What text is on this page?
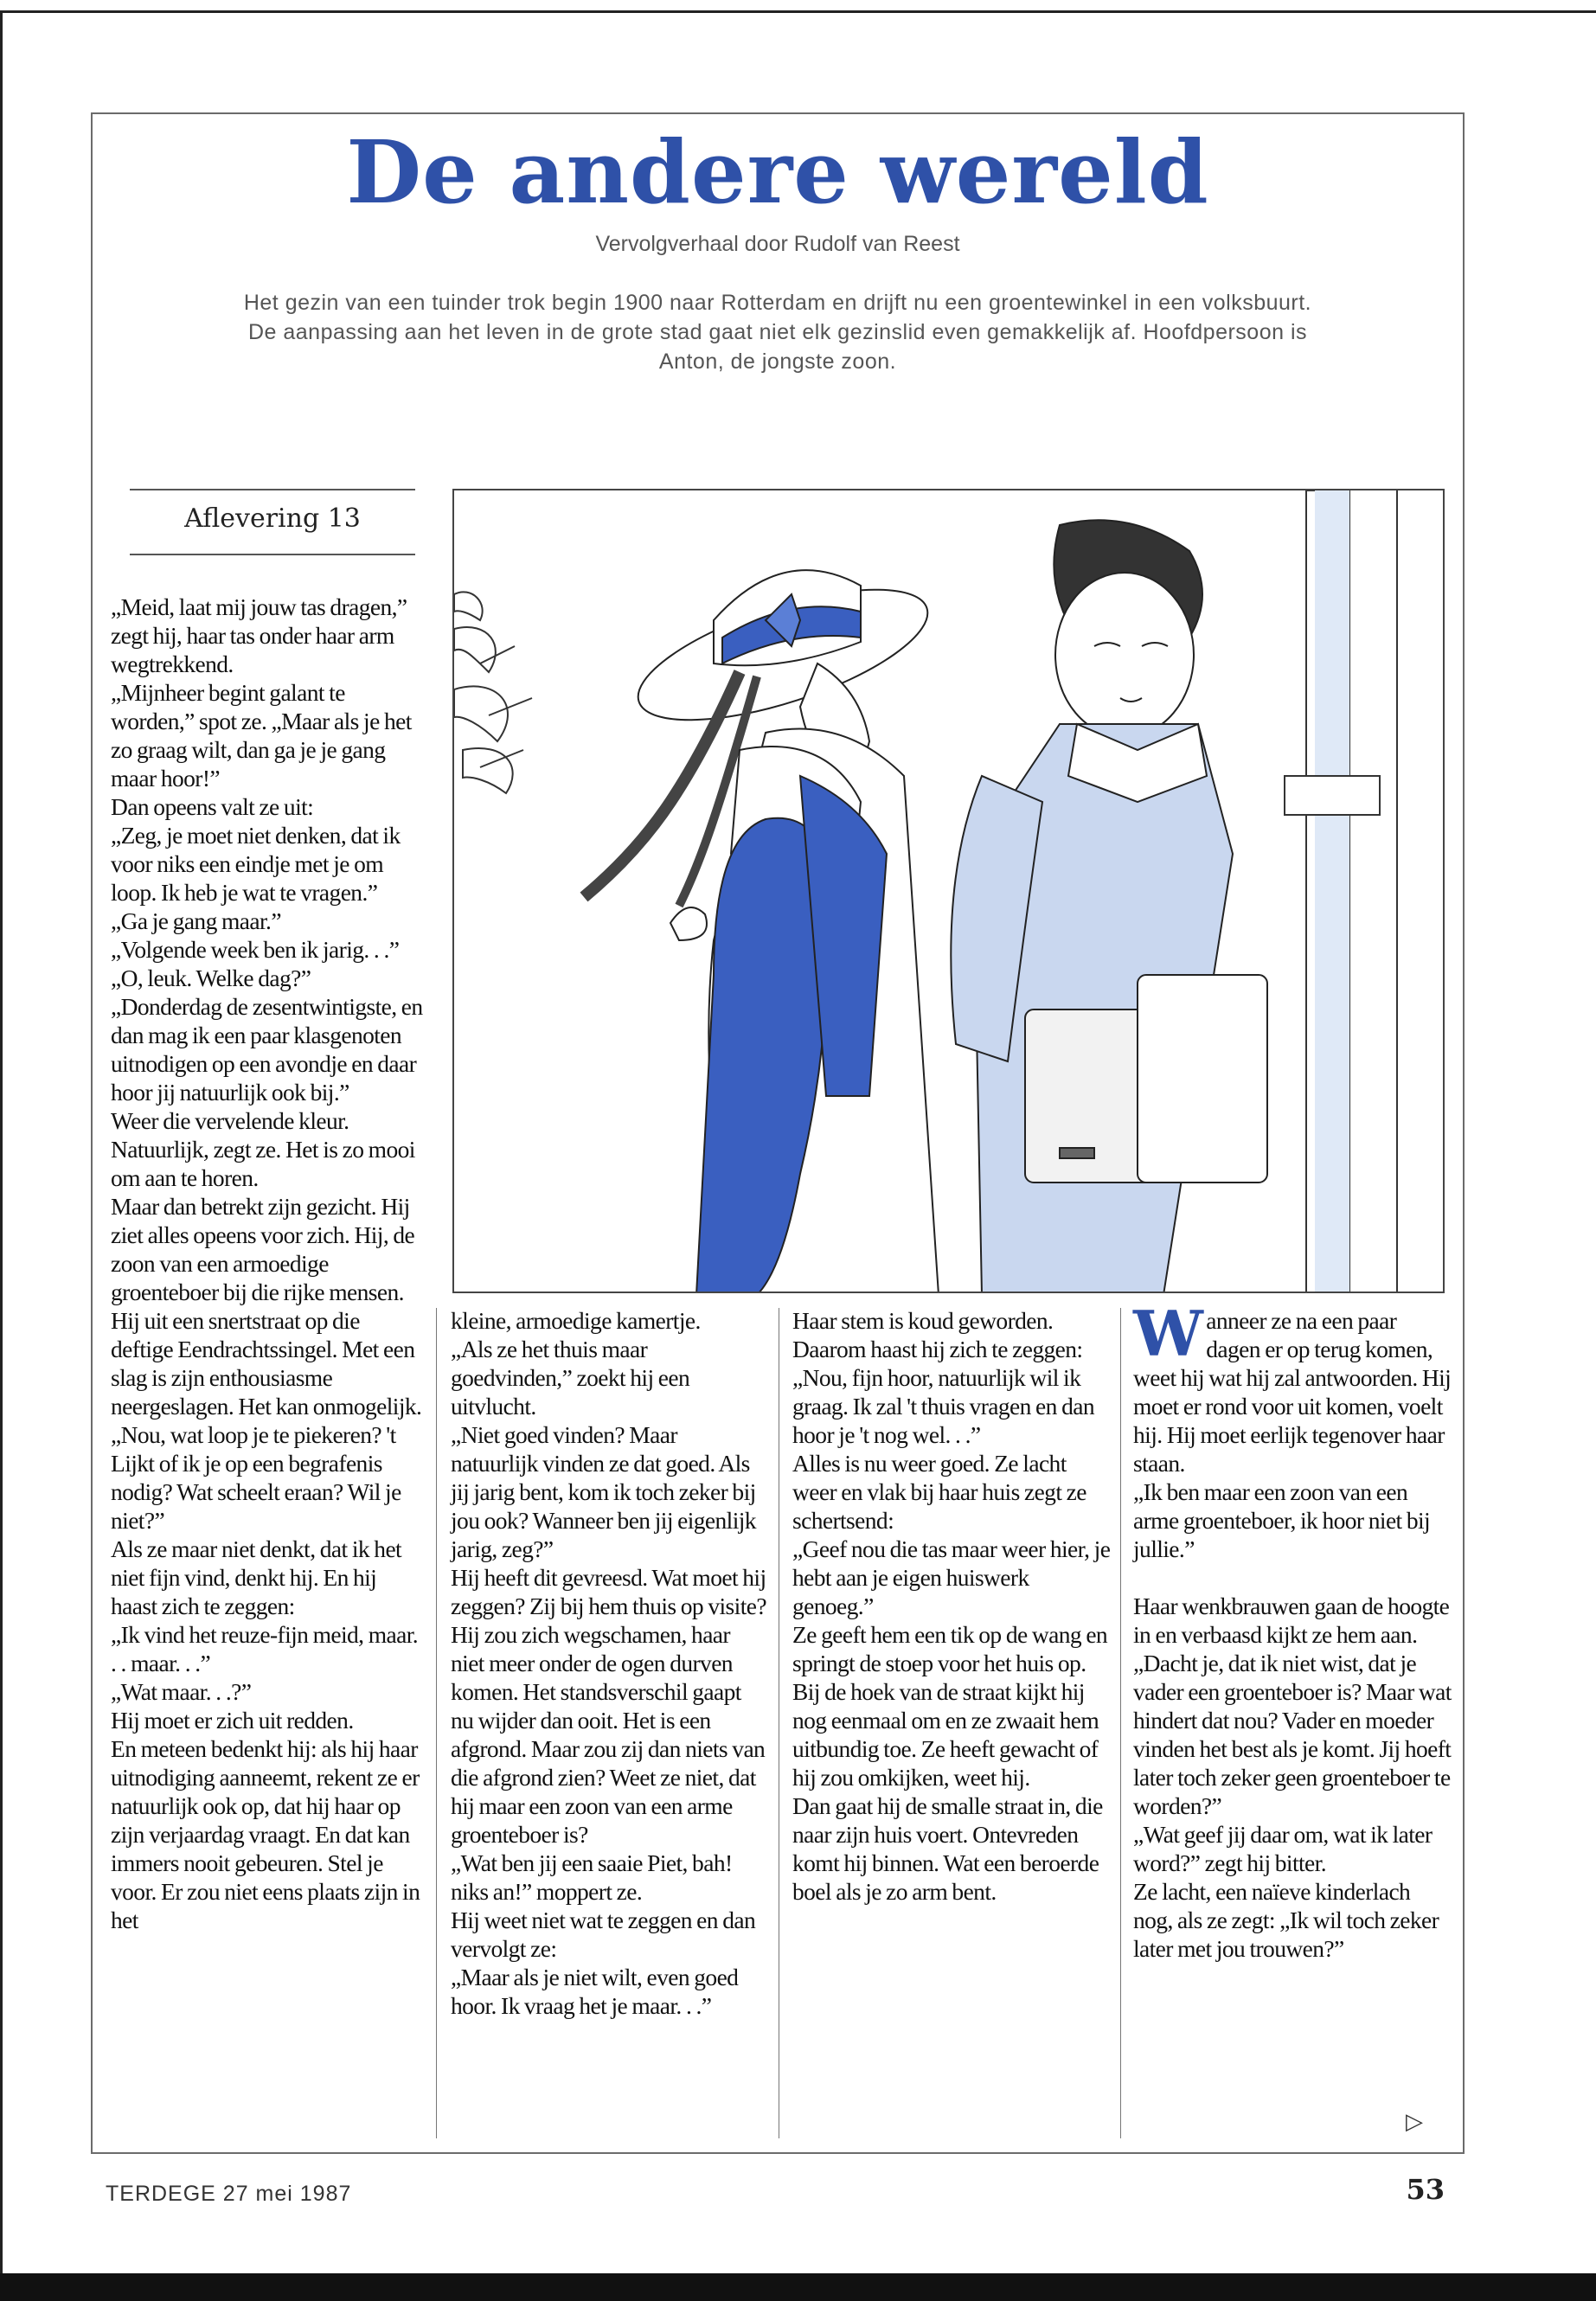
De andere wereld
Vervolgverhaal door Rudolf van Reest
Het gezin van een tuinder trok begin 1900 naar Rotterdam en drijft nu een groentewinkel in een volksbuurt. De aanpassing aan het leven in de grote stad gaat niet elk gezinslid even gemakkelijk af. Hoofdpersoon is Anton, de jongste zoon.
Aflevering 13

„Meid, laat mij jouw tas dragen,” zegt hij, haar tas onder haar arm wegtrekkend.
„Mijnheer begint galant te worden,” spot ze. „Maar als je het zo graag wilt, dan ga je je gang maar hoor!”
Dan opeens valt ze uit:
„Zeg, je moet niet denken, dat ik voor niks een eindje met je om loop. Ik heb je wat te vragen.”
„Ga je gang maar.”
„Volgende week ben ik jarig. . .”
„O, leuk. Welke dag?”
„Donderdag de zesentwintigste, en dan mag ik een paar klasgenoten uitnodigen op een avondje en daar hoor jij natuurlijk ook bij.”
Weer die vervelende kleur.
Natuurlijk, zegt ze. Het is zo mooi om aan te horen.
Maar dan betrekt zijn gezicht. Hij ziet alles opeens voor zich. Hij, de zoon van een armoedige groenteboer bij die rijke mensen. Hij uit een snertstraat op die deftige Eendrachtssingel. Met een slag is zijn enthousiasme neergeslagen. Het kan onmogelijk.
„Nou, wat loop je te piekeren? 't Lijkt of ik je op een begrafenis nodig? Wat scheelt eraan? Wil je niet?”
Als ze maar niet denkt, dat ik het niet fijn vind, denkt hij. En hij haast zich te zeggen:
„Ik vind het reuze-fijn meid, maar. . . maar. . .”
„Wat maar. . .?”
Hij moet er zich uit redden.
En meteen bedenkt hij: als hij haar uitnodiging aanneemt, rekent ze er natuurlijk ook op, dat hij haar op zijn verjaardag vraagt. En dat kan immers nooit gebeuren. Stel je voor. Er zou niet eens plaats zijn in het

kleine, armoedige kamertje.
„Als ze het thuis maar goedvinden,” zoekt hij een uitvlucht.
„Niet goed vinden? Maar natuurlijk vinden ze dat goed. Als jij jarig bent, kom ik toch zeker bij jou ook? Wanneer ben jij eigenlijk jarig, zeg?”
Hij heeft dit gevreesd. Wat moet hij zeggen? Zij bij hem thuis op visite? Hij zou zich wegschamen, haar niet meer onder de ogen durven komen. Het standsverschil gaapt nu wijder dan ooit. Het is een afgrond. Maar zou zij dan niets van die afgrond zien? Weet ze niet, dat hij maar een zoon van een arme groenteboer is?
„Wat ben jij een saaie Piet, bah! niks an!” moppert ze.
Hij weet niet wat te zeggen en dan vervolgt ze:
„Maar als je niet wilt, even goed hoor. Ik vraag het je maar. . .”

Haar stem is koud geworden.
Daarom haast hij zich te zeggen:
„Nou, fijn hoor, natuurlijk wil ik graag. Ik zal 't thuis vragen en dan hoor je 't nog wel. . .”
Alles is nu weer goed. Ze lacht weer en vlak bij haar huis zegt ze schertsend:
„Geef nou die tas maar weer hier, je hebt aan je eigen huiswerk genoeg.”
Ze geeft hem een tik op de wang en springt de stoep voor het huis op.
Bij de hoek van de straat kijkt hij nog eenmaal om en ze zwaait hem uitbundig toe. Ze heeft gewacht of hij zou omkijken, weet hij.
Dan gaat hij de smalle straat in, die naar zijn huis voert. Ontevreden komt hij binnen. Wat een beroerde boel als je zo arm bent.

W anneer ze na een paar dagen er op terug komen, weet hij wat hij zal antwoorden. Hij moet er rond voor uit komen, voelt hij. Hij moet eerlijk tegenover haar staan.
„Ik ben maar een zoon van een arme groenteboer, ik hoor niet bij jullie.”

Haar wenkbrauwen gaan de hoogte in en verbaasd kijkt ze hem aan.
„Dacht je, dat ik niet wist, dat je vader een groenteboer is? Maar wat hindert dat nou? Vader en moeder vinden het best als je komt. Jij hoeft later toch zeker geen groenteboer te worden?”
„Wat geef jij daar om, wat ik later word?” zegt hij bitter.
Ze lacht, een naïeve kinderlach nog, als ze zegt: „Ik wil toch zeker later met jou trouwen?”

▷
TERDEGE 27 mei 1987	53
